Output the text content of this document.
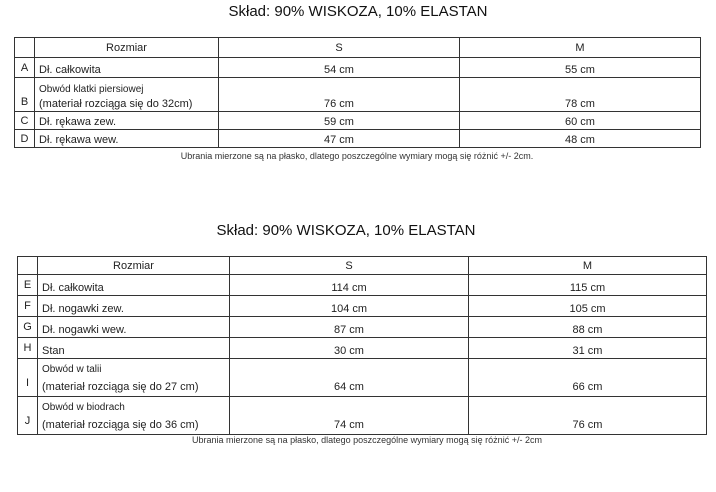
Skład: 90% WISKOZA, 10% ELASTAN
	Rozmiar	S	M
A	Dł. całkowita	54 cm	55 cm
B	Obwód klatki piersiowej
(materiał rozciąga się do 32cm)	76 cm	78 cm
C	Dł. rękawa zew.	59 cm	60 cm
D	Dł. rękawa wew.	47 cm	48 cm
Ubrania mierzone są na płasko, dlatego poszczególne wymiary mogą się różnić +/- 2cm.
Skład: 90% WISKOZA, 10% ELASTAN
	Rozmiar	S	M
E	Dł. całkowita	114 cm	115 cm
F	Dł. nogawki zew.	104 cm	105 cm
G	Dł. nogawki wew.	87 cm	88 cm
H	Stan	30 cm	31 cm
I	Obwód w talii
(materiał rozciąga się do 27 cm)	64 cm	66 cm
J	Obwód w biodrach
(materiał rozciąga się do 36 cm)	74 cm	76 cm
Ubrania mierzone są na płasko, dlatego poszczególne wymiary mogą się różnić +/- 2cm
